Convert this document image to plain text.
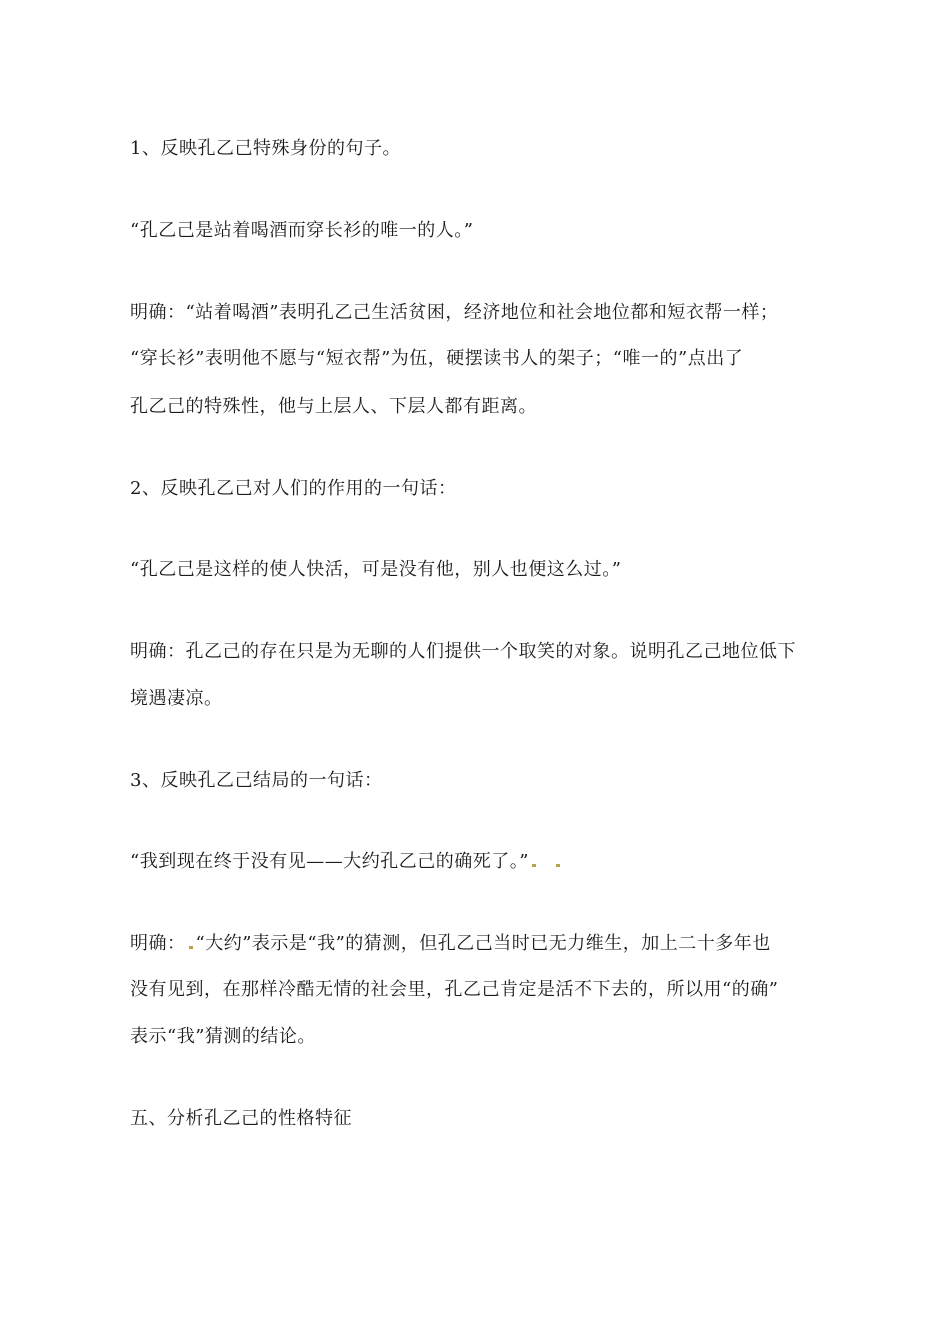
1、反映孔乙己特殊身份的句子。
“孔乙己是站着喝酒而穿长衫的唯一的人。”
明确：“站着喝酒”表明孔乙己生活贫困，经济地位和社会地位都和短衣帮一样；
“穿长衫”表明他不愿与“短衣帮”为伍，硬摆读书人的架子；“唯一的”点出了
孔乙己的特殊性，他与上层人、下层人都有距离。
2、反映孔乙己对人们的作用的一句话：
“孔乙己是这样的使人快活，可是没有他，别人也便这么过。”
明确：孔乙己的存在只是为无聊的人们提供一个取笑的对象。说明孔乙己地位低下
境遇凄凉。
3、反映孔乙己结局的一句话：
“我到现在终于没有见——大约孔乙己的确死了。”
明确： “大约”表示是“我”的猜测，但孔乙己当时已无力维生，加上二十多年也
没有见到，在那样冷酷无情的社会里，孔乙己肯定是活不下去的，所以用“的确”
表示“我”猜测的结论。
五、分析孔乙己的性格特征
